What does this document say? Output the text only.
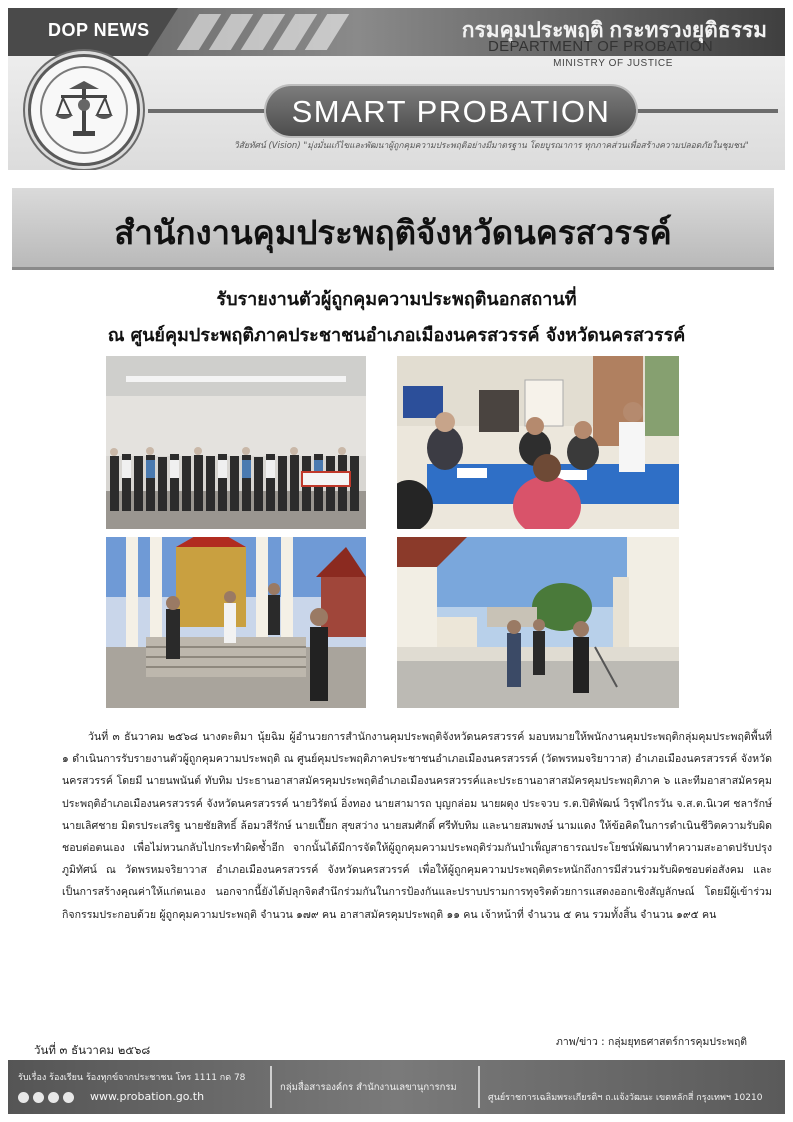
DOP NEWS	กรมคุมประพฤติ กระทรวงยุติธรรม
DEPARTMENT OF PROBATION
MINISTRY OF JUSTICE
SMART PROBATION
วิสัยทัศน์ (Vision) "มุ่งมั่นแก้ไขและพัฒนาผู้ถูกคุมความประพฤติอย่างมีมาตรฐาน โดยบูรณาการ ทุกภาคส่วนเพื่อสร้างความปลอดภัยในชุมชน"
สำนักงานคุมประพฤติจังหวัดนครสวรรค์
รับรายงานตัวผู้ถูกคุมความประพฤตินอกสถานที่
ณ ศูนย์คุมประพฤติภาคประชาชนอำเภอเมืองนครสวรรค์ จังหวัดนครสวรรค์

วันที่ ๓ ธันวาคม ๒๕๖๘ นางตะติมา นุ้ยฉิม ผู้อำนวยการสำนักงานคุมประพฤติจังหวัดนครสวรรค์ มอบหมายให้พนักงานคุมประพฤติกลุ่มคุมประพฤติพื้นที่ ๑ ดำเนินการรับรายงานตัวผู้ถูกคุมความประพฤติ ณ ศูนย์คุมประพฤติภาคประชาชนอำเภอเมืองนครสวรรค์ (วัดพรหมจริยาวาส) อำเภอเมืองนครสวรรค์ จังหวัดนครสวรรค์ โดยมี นายนพนันต์ ทับทิม ประธานอาสาสมัครคุมประพฤติอำเภอเมืองนครสวรรค์และประธานอาสาสมัครคุมประพฤติภาค ๖ และทีมอาสาสมัครคุมประพฤติอำเภอเมืองนครสวรรค์ จังหวัดนครสวรรค์ นายวิรัตน์ อิ่งทอง นายสามารถ บุญกล่อม นายผดุง ประจวบ ร.ต.ปิติพัฒน์ วิรุฬไกรวัน จ.ส.ต.นิเวศ ชลารักษ์ นายเลิศชาย มิตรประเสริฐ นายชัยสิทธิ์ ล้อมวสีรักษ์ นายเปี๊ยก สุขสว่าง นายสมศักดิ์ ศรีทับทิม และนายสมพงษ์ นามแดง ให้ข้อคิดในการดำเนินชีวิตความรับผิดชอบต่อตนเอง เพื่อไม่หวนกลับไปกระทำผิดซ้ำอีก จากนั้นได้มีการจัดให้ผู้ถูกคุมความประพฤติร่วมกันบำเพ็ญสาธารณประโยชน์พัฒนาทำความสะอาดปรับปรุงภูมิทัศน์ ณ วัดพรหมจริยาวาส อำเภอเมืองนครสวรรค์ จังหวัดนครสวรรค์ เพื่อให้ผู้ถูกคุมความประพฤติตระหนักถึงการมีส่วนร่วมรับผิดชอบต่อสังคม และเป็นการสร้างคุณค่าให้แก่ตนเอง นอกจากนี้ยังได้ปลุกจิตสำนึกร่วมกันในการป้องกันและปราบปรามการทุจริตด้วยการแสดงออกเชิงสัญลักษณ์ โดยมีผู้เข้าร่วมกิจกรรมประกอบด้วย ผู้ถูกคุมความประพฤติ จำนวน ๑๗๙ คน อาสาสมัครคุมประพฤติ ๑๑ คน เจ้าหน้าที่ จำนวน ๕ คน รวมทั้งสิ้น จำนวน ๑๙๕ คน

ภาพ/ข่าว : กลุ่มยุทธศาสตร์การคุมประพฤติ
วันที่ ๓ ธันวาคม ๒๕๖๘
รับเรื่อง ร้องเรียน ร้องทุกข์จากประชาชน โทร 1111 กด 78
www.probation.go.th
กลุ่มสื่อสารองค์กร สำนักงานเลขานุการกรม
ศูนย์ราชการเฉลิมพระเกียรติฯ ถ.แจ้งวัฒนะ เขตหลักสี่ กรุงเทพฯ 10210
